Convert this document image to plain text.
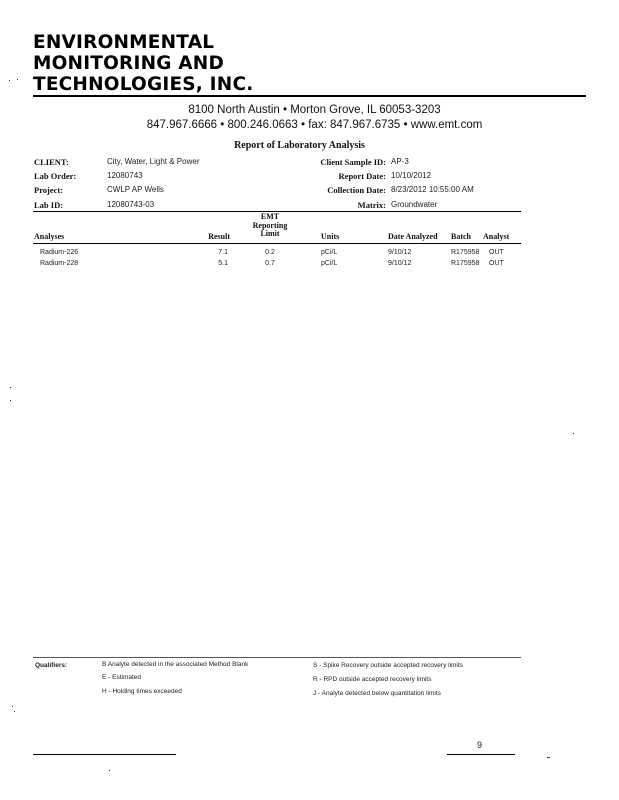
ENVIRONMENTAL
MONITORING AND
TECHNOLOGIES, INC.
8100 North Austin • Morton Grove, IL 60053-3203
847.967.6666 • 800.246.0663 • fax: 847.967.6735 • www.emt.com
Report of Laboratory Analysis
CLIENT:	City, Water, Light & Power
Lab Order:	12080743
Project:	CWLP AP Wells
Lab ID:	12080743-03
Client Sample ID: AP-3
Report Date: 10/10/2012
Collection Date: 8/23/2012 10:55:00 AM
Matrix: Groundwater
Analyses	Result
EMT
Reporting
Limit	Units	Date Analyzed Batch Analyst
Radium-226	7.1	0.2	pCi/L	9/10/12	R175958 OUT
Radium-228	5.1	0.7	pCi/L	9/10/12	R175958 OUT
Qualifiers:	B Analyte detected in the associated Method Blank
E - Estimated
H - Holding times exceeded
S - Spike Recovery outside accepted recovery limits
R - RPD outside accepted recovery limits
J - Analyte detected below quantitation limits
9
